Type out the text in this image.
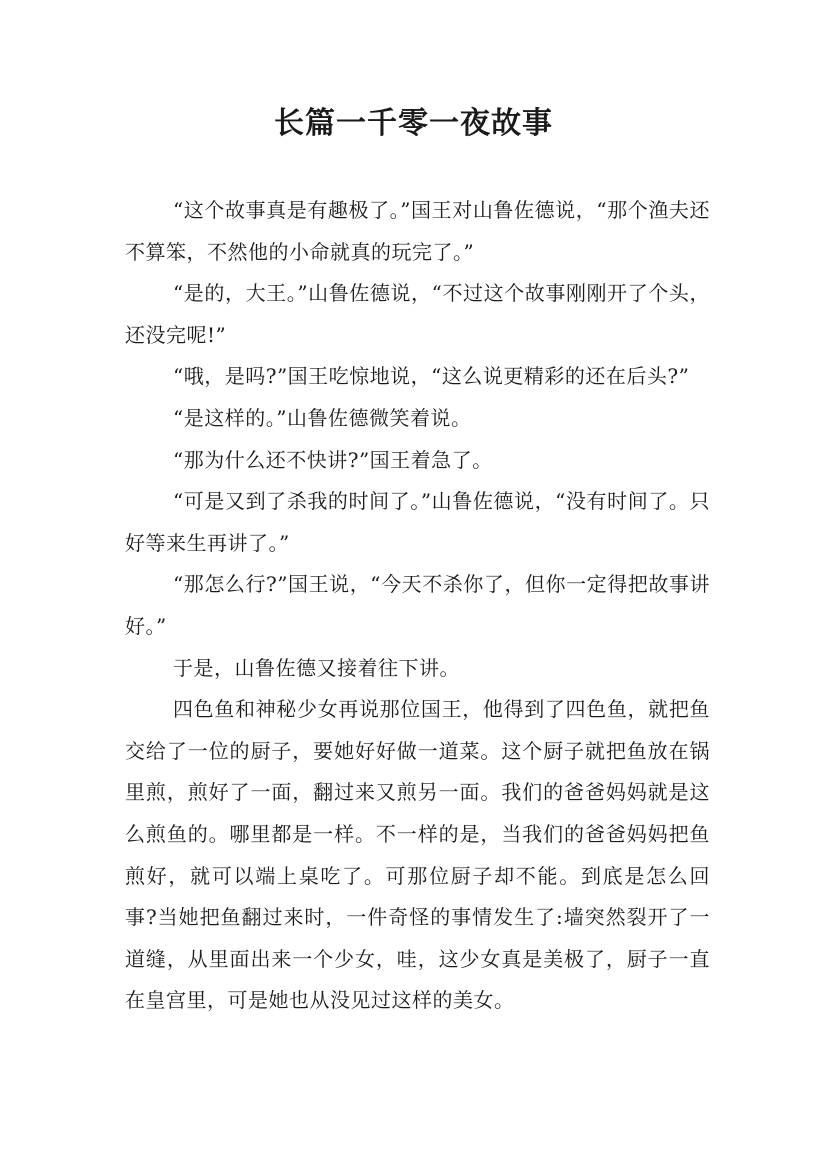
长篇一千零一夜故事

“这个故事真是有趣极了。”国王对山鲁佐德说，“那个渔夫还不算笨，不然他的小命就真的玩完了。”

“是的，大王。”山鲁佐德说，“不过这个故事刚刚开了个头，还没完呢!”

“哦，是吗?”国王吃惊地说，“这么说更精彩的还在后头?”

“是这样的。”山鲁佐德微笑着说。

“那为什么还不快讲?”国王着急了。

“可是又到了杀我的时间了。”山鲁佐德说，“没有时间了。只好等来生再讲了。”

“那怎么行?”国王说，“今天不杀你了，但你一定得把故事讲好。”

于是，山鲁佐德又接着往下讲。

四色鱼和神秘少女再说那位国王，他得到了四色鱼，就把鱼交给了一位的厨子，要她好好做一道菜。这个厨子就把鱼放在锅里煎，煎好了一面，翻过来又煎另一面。我们的爸爸妈妈就是这么煎鱼的。哪里都是一样。不一样的是，当我们的爸爸妈妈把鱼煎好，就可以端上桌吃了。可那位厨子却不能。到底是怎么回事?当她把鱼翻过来时，一件奇怪的事情发生了:墙突然裂开了一道缝，从里面出来一个少女，哇，这少女真是美极了，厨子一直在皇宫里，可是她也从没见过这样的美女。
